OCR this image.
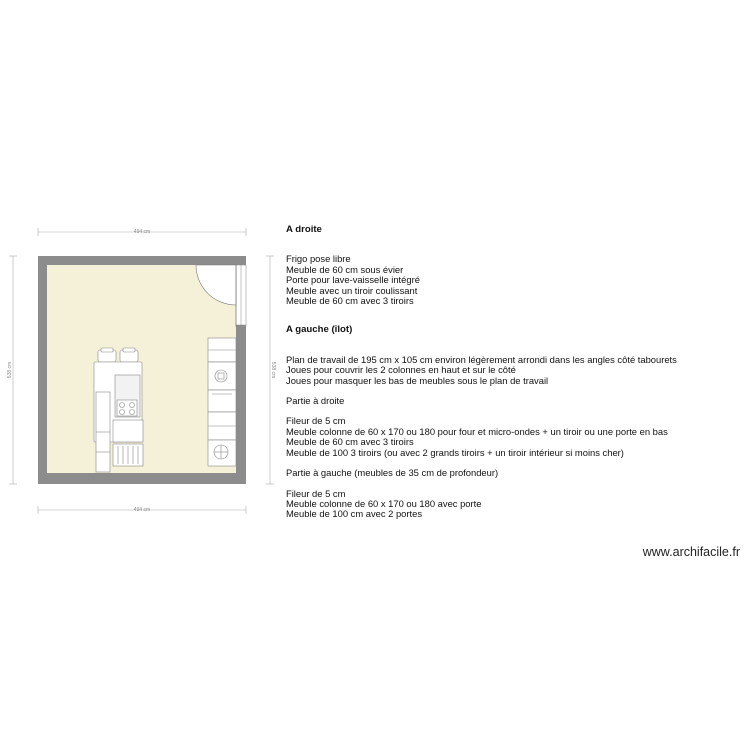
494 cm
494 cm
538 cm	538 cm

A droite

Frigo pose libre

Meuble de 60 cm sous évier

Porte pour lave-vaisselle intégré

Meuble avec un tiroir coulissant

Meuble de 60 cm avec 3 tiroirs

A gauche (îlot)

Plan de travail de 195 cm x 105 cm environ légèrement arrondi dans les angles côté tabourets

Joues pour couvrir les 2 colonnes en haut et sur le côté

Joues pour masquer les bas de meubles sous le plan de travail

Partie à droite

Fileur de 5 cm

Meuble colonne de 60 x 170 ou 180 pour four et micro-ondes + un tiroir ou une porte en bas

Meuble de 60 cm avec 3 tiroirs

Meuble de 100 3 tiroirs (ou avec 2 grands tiroirs + un tiroir intérieur si moins cher)

Partie à gauche (meubles de 35 cm de profondeur)

Fileur de 5 cm

Meuble colonne de 60 x 170 ou 180 avec porte

Meuble de 100 cm avec 2 portes

www.archifacile.fr
